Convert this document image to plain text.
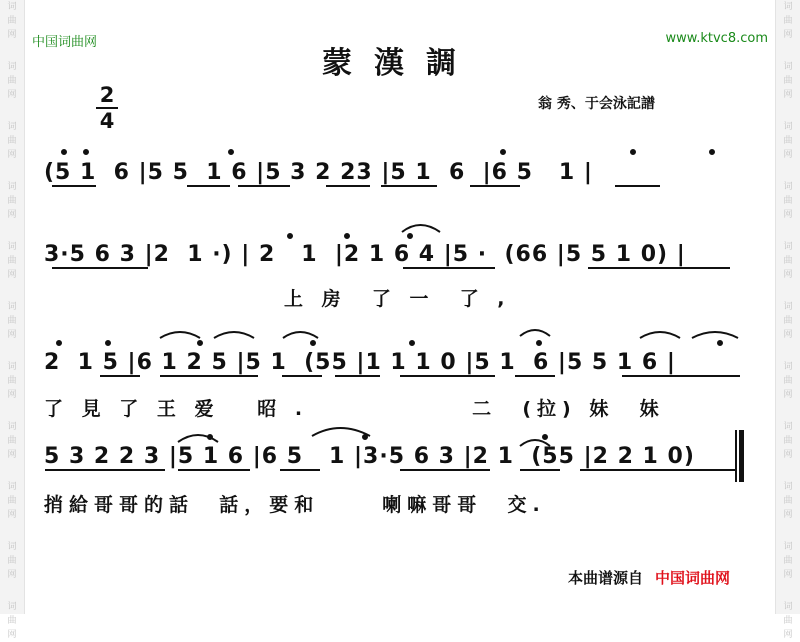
词
曲
网
词
曲
网
词
曲
网
词
曲
网
词
曲
网
词
曲
网
词
曲
网
词
曲
网
词
曲
网
词
曲
网
词
曲
网
词
曲
网
词
曲
网
词
曲
网
词
曲
网
词
曲
网
词
曲
网
词
曲
网
词
曲
网
词
曲
网
词
曲
网
词
曲
网
中国词曲网	www.ktvc8.com
蒙漢調
2
4
翁 秀、于会泳記譜
(5 1  6 |5 5  1 6 |5 3 2 23 |5 1  6  |6 5   1 |
3·5 6 3 |2  1 ·) | 2   1  |2 1 6 4 |5 ·  (66 |5 5 1 0) |
上 房  了 一  了 ,
2  1 5 |6 1 2 5 |5 1  (55 |1 1 1 0 |5 1  6 |5 5 1 6 |
了 見 了 王 爱   昭 .             二  (拉) 妹  妹
5 3 2 2 3 |5 1 6 |6 5   1 |3·5 6 3 |2 1  (55 |2 2 1 0)
捎給哥哥的話  話，要和     喇嘛哥哥  交.
本曲谱源自 中国词曲网
